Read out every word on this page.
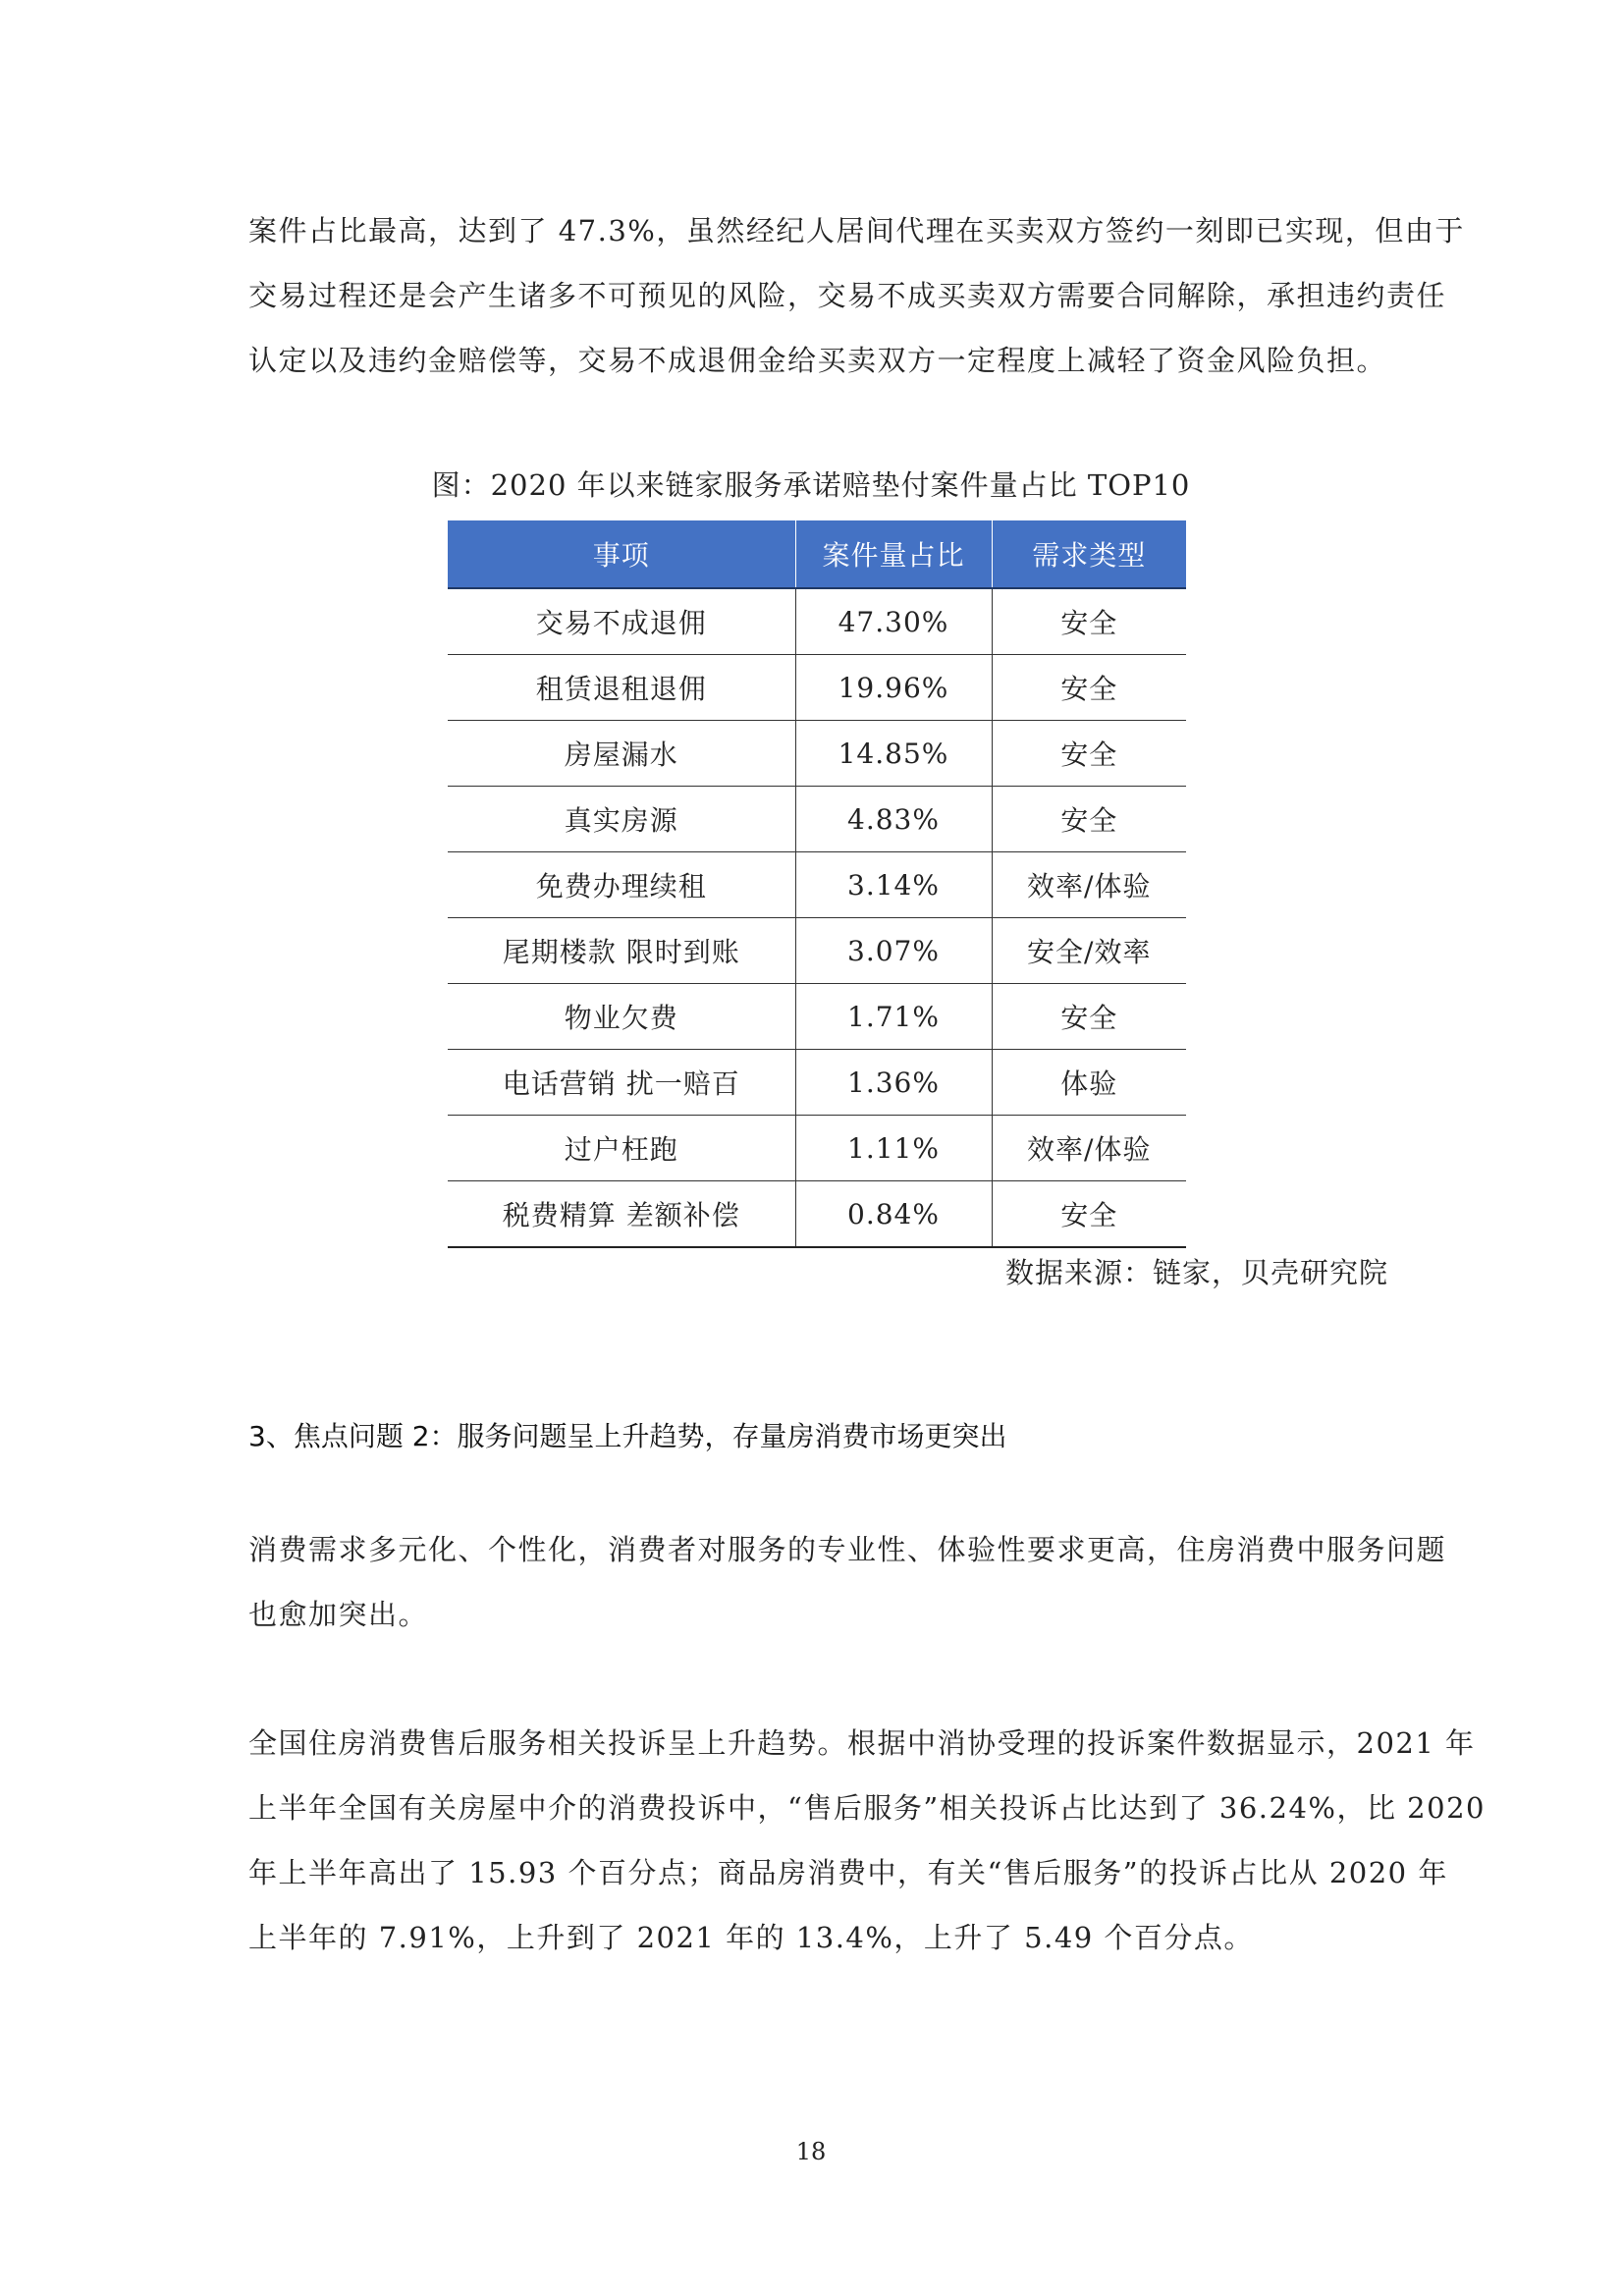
案件占比最高，达到了 47.3%，虽然经纪人居间代理在买卖双方签约一刻即已实现，但由于
交易过程还是会产生诸多不可预见的风险，交易不成买卖双方需要合同解除，承担违约责任
认定以及违约金赔偿等，交易不成退佣金给买卖双方一定程度上减轻了资金风险负担。

图：2020 年以来链家服务承诺赔垫付案件量占比 TOP10

事项	案件量占比	需求类型
交易不成退佣	47.30%	安全
租赁退租退佣	19.96%	安全
房屋漏水	14.85%	安全
真实房源	4.83%	安全
免费办理续租	3.14%	效率/体验
尾期楼款 限时到账	3.07%	安全/效率
物业欠费	1.71%	安全
电话营销 扰一赔百	1.36%	体验
过户枉跑	1.11%	效率/体验
税费精算 差额补偿	0.84%	安全

数据来源：链家，贝壳研究院

3、焦点问题 2：服务问题呈上升趋势，存量房消费市场更突出

消费需求多元化、个性化，消费者对服务的专业性、体验性要求更高，住房消费中服务问题
也愈加突出。

全国住房消费售后服务相关投诉呈上升趋势。根据中消协受理的投诉案件数据显示，2021 年
上半年全国有关房屋中介的消费投诉中，“售后服务”相关投诉占比达到了 36.24%，比 2020
年上半年高出了 15.93 个百分点；商品房消费中，有关“售后服务”的投诉占比从 2020 年
上半年的 7.91%，上升到了 2021 年的 13.4%，上升了 5.49 个百分点。

18
